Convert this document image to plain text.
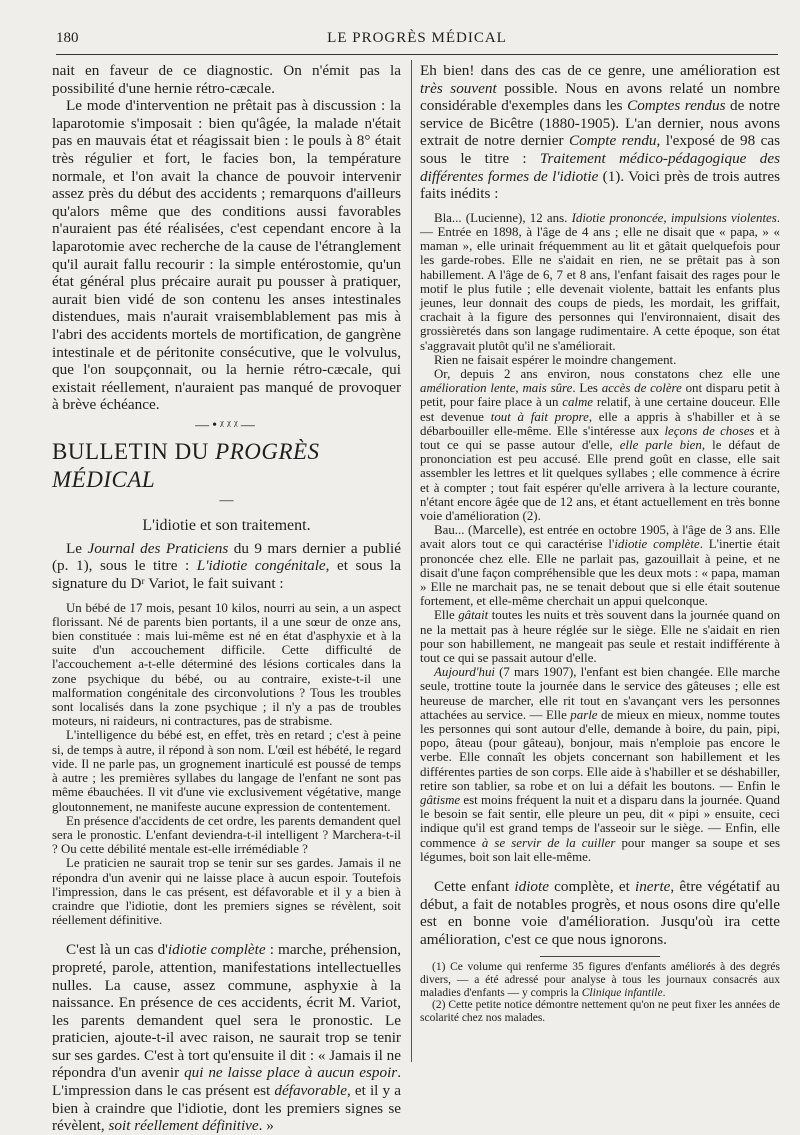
180	LE PROGRÈS MÉDICAL

nait en faveur de ce diagnostic. On n'émit pas la possibilité d'une hernie rétro-cæcale.

Le mode d'intervention ne prêtait pas à discussion : la laparotomie s'imposait : bien qu'âgée, la malade n'était pas en mauvais état et réagissait bien : le pouls à 8° était très régulier et fort, le facies bon, la température normale, et l'on avait la chance de pouvoir intervenir assez près du début des accidents ; remarquons d'ailleurs qu'alors même que des conditions aussi favorables n'auraient pas été réalisées, c'est cependant encore à la laparotomie avec recherche de la cause de l'étranglement qu'il aurait fallu recourir : la simple entérostomie, qu'un état général plus précaire aurait pu pousser à pratiquer, aurait bien vidé de son contenu les anses intestinales distendues, mais n'aurait vraisemblablement pas mis à l'abri des accidents mortels de mortification, de gangrène intestinale et de péritonite consécutive, que le volvulus, que l'on soupçonnait, ou la hernie rétro-cæcale, qui existait réellement, n'auraient pas manqué de provoquer à brève échéance.

—•ᵡᵡᵡ—
BULLETIN DU PROGRÈS MÉDICAL
—
L'idiotie et son traitement.

Le Journal des Praticiens du 9 mars dernier a publié (p. 1), sous le titre : L'idiotie congénitale, et sous la signature du Dʳ Variot, le fait suivant :

Un bébé de 17 mois, pesant 10 kilos, nourri au sein, a un aspect florissant. Né de parents bien portants, il a une sœur de onze ans, bien constituée : mais lui-même est né en état d'asphyxie et à la suite d'un accouchement difficile. Cette difficulté de l'accouchement a-t-elle déterminé des lésions corticales dans la zone psychique du bébé, ou au contraire, existe-t-il une malformation congénitale des circonvolutions ? Tous les troubles sont localisés dans la zone psychique ; il n'y a pas de troubles moteurs, ni raideurs, ni contractures, pas de strabisme.

L'intelligence du bébé est, en effet, très en retard ; c'est à peine si, de temps à autre, il répond à son nom. L'œil est hébété, le regard vide. Il ne parle pas, un grognement inarticulé est poussé de temps à autre ; les premières syllabes du langage de l'enfant ne sont pas même ébauchées. Il vit d'une vie exclusivement végétative, mange gloutonnement, ne manifeste aucune expression de contentement.

En présence d'accidents de cet ordre, les parents demandent quel sera le pronostic. L'enfant deviendra-t-il intelligent ? Marchera-t-il ? Ou cette débilité mentale est-elle irrémédiable ?

Le praticien ne saurait trop se tenir sur ses gardes. Jamais il ne répondra d'un avenir qui ne laisse place à aucun espoir. Toutefois l'impression, dans le cas présent, est défavorable et il y a bien à craindre que l'idiotie, dont les premiers signes se révèlent, soit réellement définitive.

C'est là un cas d'idiotie complète : marche, préhension, propreté, parole, attention, manifestations intellectuelles nulles. La cause, assez commune, asphyxie à la naissance. En présence de ces accidents, écrit M. Variot, les parents demandent quel sera le pronostic. Le praticien, ajoute-t-il avec raison, ne saurait trop se tenir sur ses gardes. C'est à tort qu'ensuite il dit : « Jamais il ne répondra d'un avenir qui ne laisse place à aucun espoir. L'impression dans le cas présent est défavorable, et il y a bien à craindre que l'idiotie, dont les premiers signes se révèlent, soit réellement définitive. »

Eh bien! dans des cas de ce genre, une amélioration est très souvent possible. Nous en avons relaté un nombre considérable d'exemples dans les Comptes rendus de notre service de Bicêtre (1880-1905). L'an dernier, nous avons extrait de notre dernier Compte rendu, l'exposé de 98 cas sous le titre : Traitement médico-pédagogique des différentes formes de l'idiotie (1). Voici près de trois autres faits inédits :

Bla... (Lucienne), 12 ans. Idiotie prononcée, impulsions violentes. — Entrée en 1898, à l'âge de 4 ans ; elle ne disait que « papa, » « maman », elle urinait fréquemment au lit et gâtait quelquefois pour les garde-robes. Elle ne s'aidait en rien, ne se prêtait pas à son habillement. A l'âge de 6, 7 et 8 ans, l'enfant faisait des rages pour le motif le plus futile ; elle devenait violente, battait les enfants plus jeunes, leur donnait des coups de pieds, les mordait, les griffait, crachait à la figure des personnes qui l'environnaient, disait des grossièretés dans son langage rudimentaire. A cette époque, son état s'aggravait plutôt qu'il ne s'améliorait.

Rien ne faisait espérer le moindre changement.

Or, depuis 2 ans environ, nous constatons chez elle une amélioration lente, mais sûre. Les accès de colère ont disparu petit à petit, pour faire place à un calme relatif, à une certaine douceur. Elle est devenue tout à fait propre, elle a appris à s'habiller et à se débarbouiller elle-même. Elle s'intéresse aux leçons de choses et à tout ce qui se passe autour d'elle, elle parle bien, le défaut de prononciation est peu accusé. Elle prend goût en classe, elle sait assembler les lettres et lit quelques syllabes ; elle commence à écrire et à compter ; tout fait espérer qu'elle arrivera à la lecture courante, n'étant encore âgée que de 12 ans, et étant actuellement en très bonne voie d'amélioration (2).

Bau... (Marcelle), est entrée en octobre 1905, à l'âge de 3 ans. Elle avait alors tout ce qui caractérise l'idiotie complète. L'inertie était prononcée chez elle. Elle ne parlait pas, gazouillait à peine, et ne disait d'une façon compréhensible que les deux mots : « papa, maman » Elle ne marchait pas, ne se tenait debout que si elle était soutenue fortement, et elle-même cherchait un appui quelconque.

Elle gâtait toutes les nuits et très souvent dans la journée quand on ne la mettait pas à heure réglée sur le siège. Elle ne s'aidait en rien pour son habillement, ne mangeait pas seule et restait indifférente à tout ce qui se passait autour d'elle.

Aujourd'hui (7 mars 1907), l'enfant est bien changée. Elle marche seule, trottine toute la journée dans le service des gâteuses ; elle est heureuse de marcher, elle rit tout en s'avançant vers les personnes attachées au service. — Elle parle de mieux en mieux, nomme toutes les personnes qui sont autour d'elle, demande à boire, du pain, pipi, popo, âteau (pour gâteau), bonjour, mais n'emploie pas encore le verbe. Elle connaît les objets concernant son habillement et les différentes parties de son corps. Elle aide à s'habiller et se déshabiller, retire son tablier, sa robe et on lui a défait les boutons. — Enfin le gâtisme est moins fréquent la nuit et a disparu dans la journée. Quand le besoin se fait sentir, elle pleure un peu, dit « pipi » ensuite, ceci indique qu'il est grand temps de l'asseoir sur le siège. — Enfin, elle commence à se servir de la cuiller pour manger sa soupe et ses légumes, boit son lait elle-même.

Cette enfant idiote complète, et inerte, être végétatif au début, a fait de notables progrès, et nous osons dire qu'elle est en bonne voie d'amélioration. Jusqu'où ira cette amélioration, c'est ce que nous ignorons.

(1) Ce volume qui renferme 35 figures d'enfants améliorés à des degrés divers, — a été adressé pour analyse à tous les journaux consacrés aux maladies d'enfants — y compris la Clinique infantile.

(2) Cette petite notice démontre nettement qu'on ne peut fixer les années de scolarité chez nos malades.
